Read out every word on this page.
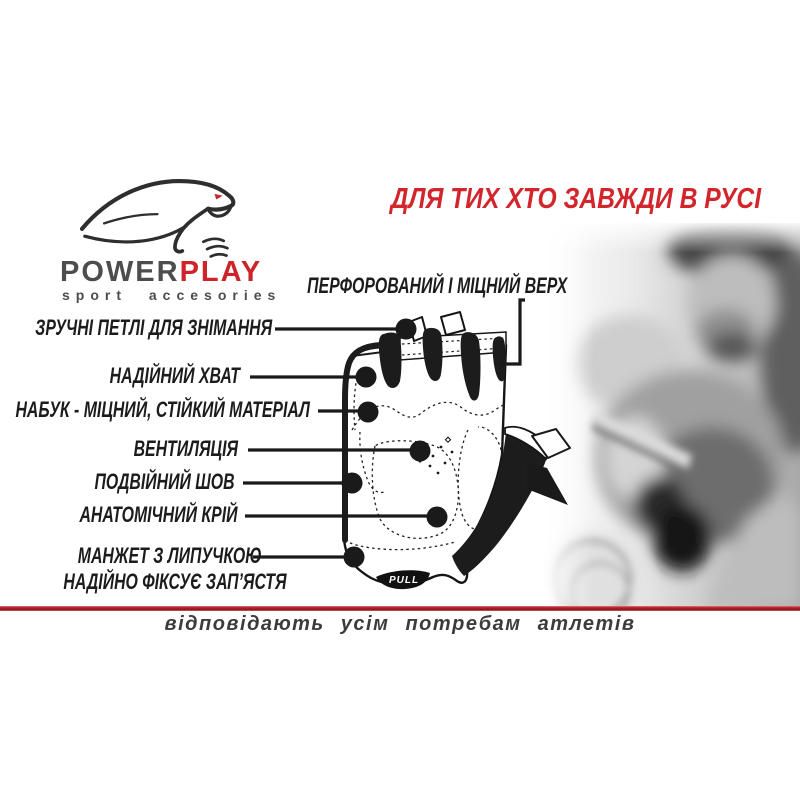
PULL
POWERPLAY
sport accesories
ДЛЯ ТИХ ХТО ЗАВЖДИ В РУСІ
ПЕРФОРОВАНИЙ І МІЦНИЙ ВЕРХ
ЗРУЧНІ ПЕТЛІ ДЛЯ ЗНІМАННЯ
НАДІЙНИЙ ХВАТ
НАБУК - МІЦНИЙ, СТІЙКИЙ МАТЕРІАЛ
ВЕНТИЛЯЦІЯ
ПОДВІЙНИЙ ШОВ
АНАТОМІЧНИЙ КРІЙ
МАНЖЕТ З ЛИПУЧКОЮ
НАДІЙНО ФІКСУЄ ЗАП’ЯСТЯ
відповідають усім потребам атлетів
